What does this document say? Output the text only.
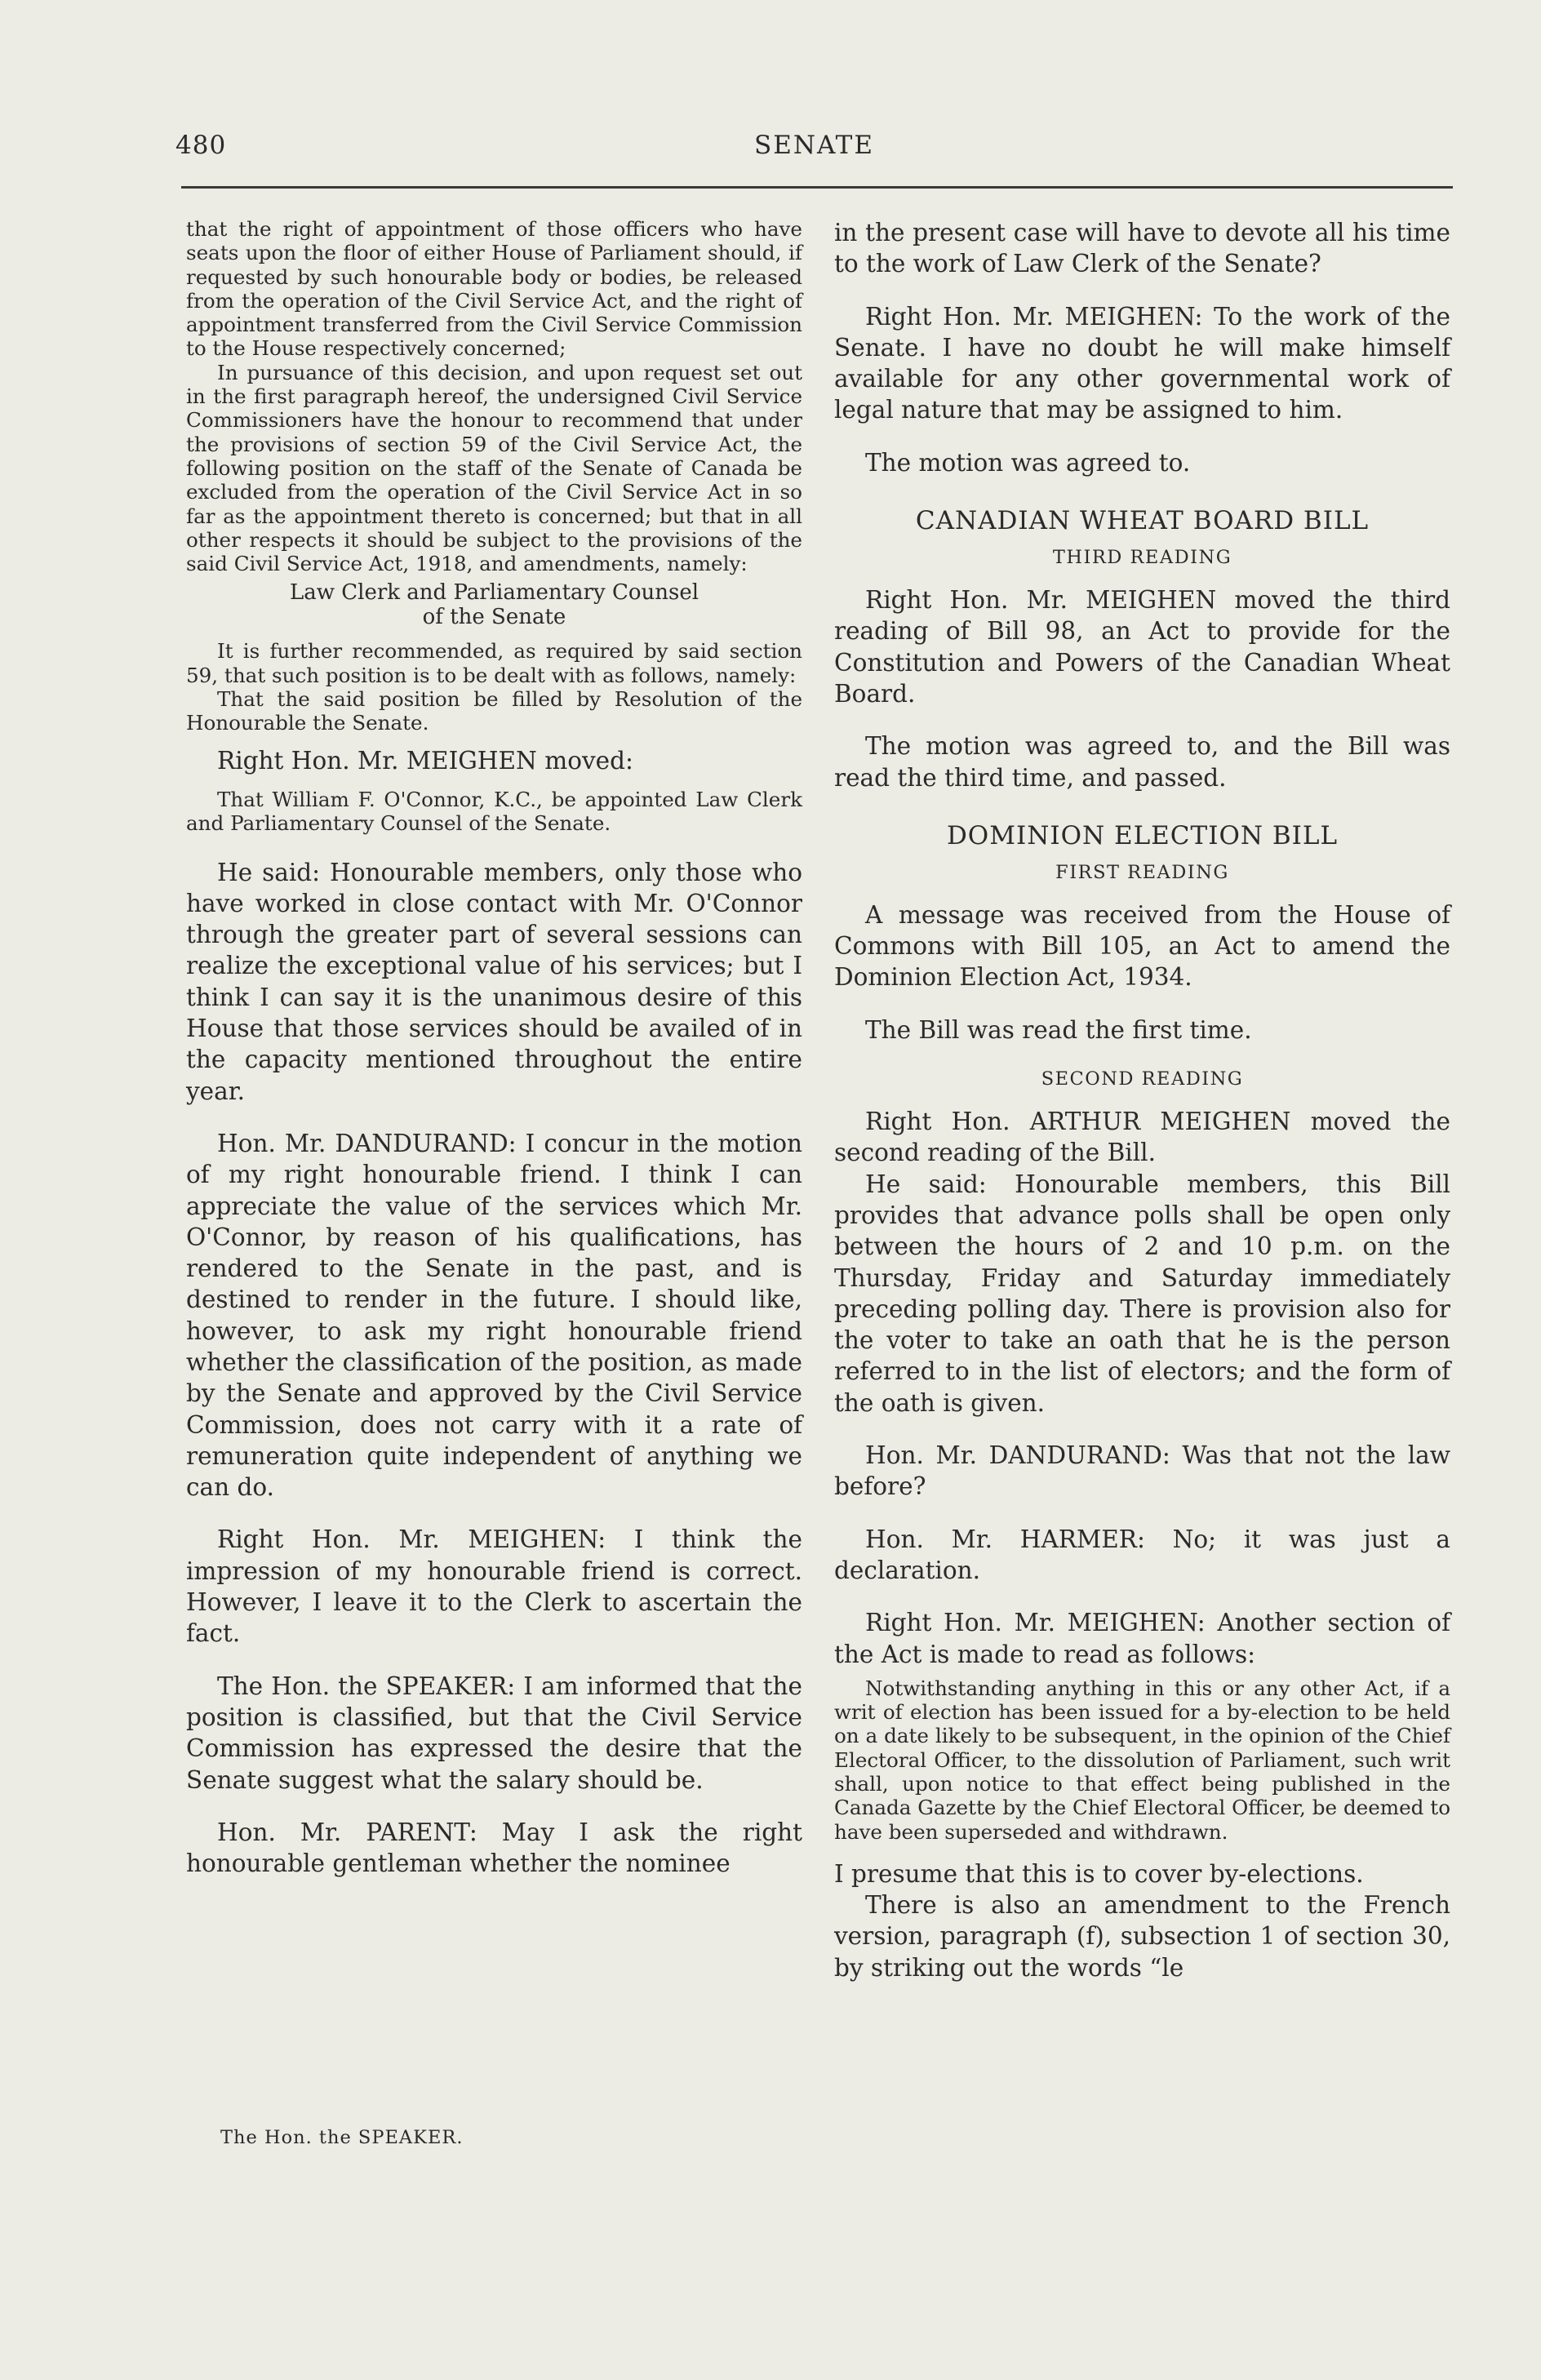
480	SENATE

that the right of appointment of those officers who have seats upon the floor of either House of Parliament should, if requested by such honourable body or bodies, be released from the operation of the Civil Service Act, and the right of appointment transferred from the Civil Service Commission to the House respectively concerned;

In pursuance of this decision, and upon request set out in the first paragraph hereof, the undersigned Civil Service Commissioners have the honour to recommend that under the provisions of section 59 of the Civil Service Act, the following position on the staff of the Senate of Canada be excluded from the operation of the Civil Service Act in so far as the appointment thereto is concerned; but that in all other respects it should be subject to the provisions of the said Civil Service Act, 1918, and amendments, namely:

Law Clerk and Parliamentary Counsel
of the Senate

It is further recommended, as required by said section 59, that such position is to be dealt with as follows, namely:

That the said position be filled by Resolution of the Honourable the Senate.

Right Hon. Mr. MEIGHEN moved:

That William F. O'Connor, K.C., be appointed Law Clerk and Parliamentary Counsel of the Senate.

He said: Honourable members, only those who have worked in close contact with Mr. O'Connor through the greater part of several sessions can realize the exceptional value of his services; but I think I can say it is the unanimous desire of this House that those services should be availed of in the capacity mentioned throughout the entire year.

Hon. Mr. DANDURAND: I concur in the motion of my right honourable friend. I think I can appreciate the value of the services which Mr. O'Connor, by reason of his qualifications, has rendered to the Senate in the past, and is destined to render in the future. I should like, however, to ask my right honourable friend whether the classification of the position, as made by the Senate and approved by the Civil Service Commission, does not carry with it a rate of remuneration quite independent of anything we can do.

Right Hon. Mr. MEIGHEN: I think the impression of my honourable friend is correct. However, I leave it to the Clerk to ascertain the fact.

The Hon. the SPEAKER: I am informed that the position is classified, but that the Civil Service Commission has expressed the desire that the Senate suggest what the salary should be.

Hon. Mr. PARENT: May I ask the right honourable gentleman whether the nominee

The Hon. the SPEAKER.

in the present case will have to devote all his time to the work of Law Clerk of the Senate?

Right Hon. Mr. MEIGHEN: To the work of the Senate. I have no doubt he will make himself available for any other governmental work of legal nature that may be assigned to him.

The motion was agreed to.

CANADIAN WHEAT BOARD BILL
THIRD READING

Right Hon. Mr. MEIGHEN moved the third reading of Bill 98, an Act to provide for the Constitution and Powers of the Canadian Wheat Board.

The motion was agreed to, and the Bill was read the third time, and passed.

DOMINION ELECTION BILL
FIRST READING

A message was received from the House of Commons with Bill 105, an Act to amend the Dominion Election Act, 1934.

The Bill was read the first time.

SECOND READING

Right Hon. ARTHUR MEIGHEN moved the second reading of the Bill.

He said: Honourable members, this Bill provides that advance polls shall be open only between the hours of 2 and 10 p.m. on the Thursday, Friday and Saturday immediately preceding polling day. There is provision also for the voter to take an oath that he is the person referred to in the list of electors; and the form of the oath is given.

Hon. Mr. DANDURAND: Was that not the law before?

Hon. Mr. HARMER: No; it was just a declaration.

Right Hon. Mr. MEIGHEN: Another section of the Act is made to read as follows:

Notwithstanding anything in this or any other Act, if a writ of election has been issued for a by-election to be held on a date likely to be subsequent, in the opinion of the Chief Electoral Officer, to the dissolution of Parliament, such writ shall, upon notice to that effect being published in the Canada Gazette by the Chief Electoral Officer, be deemed to have been superseded and withdrawn.

I presume that this is to cover by-elections.

There is also an amendment to the French version, paragraph (f), subsection 1 of section 30, by striking out the words “le
